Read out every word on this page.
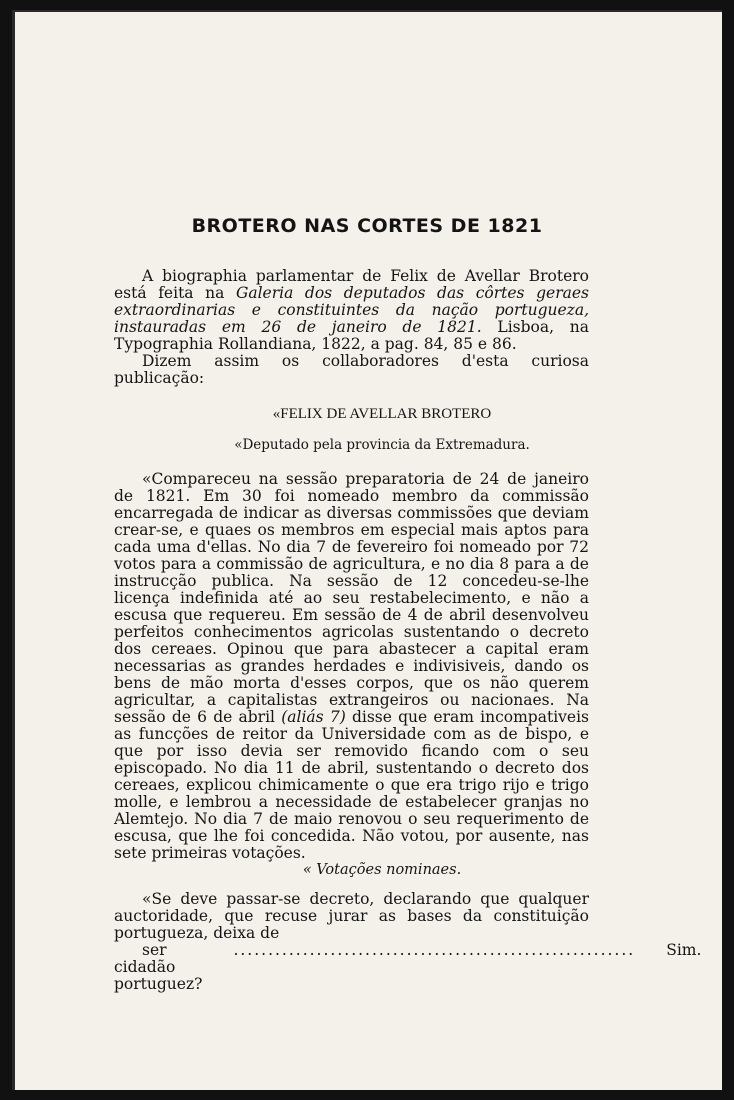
BROTERO NAS CORTES DE 1821

A biographia parlamentar de Felix de Avellar Brotero está feita na Galeria dos deputados das côrtes geraes extraordinarias e constituintes da nação portugueza, instauradas em 26 de janeiro de 1821. Lisboa, na Typographia Rollandiana, 1822, a pag. 84, 85 e 86.

Dizem assim os collaboradores d'esta curiosa publicação:

«FELIX DE AVELLAR BROTERO
«Deputado pela provincia da Extremadura.

«Compareceu na sessão preparatoria de 24 de janeiro de 1821. Em 30 foi nomeado membro da commissão encarregada de indicar as diversas commissões que deviam crear-se, e quaes os membros em especial mais aptos para cada uma d'ellas. No dia 7 de fevereiro foi nomeado por 72 votos para a commissão de agricultura, e no dia 8 para a de instrucção publica. Na sessão de 12 concedeu-se-lhe licença indefinida até ao seu restabelecimento, e não a escusa que requereu. Em sessão de 4 de abril desenvolveu perfeitos conhecimentos agricolas sustentando o decreto dos cereaes. Opinou que para abastecer a capital eram necessarias as grandes herdades e indivisiveis, dando os bens de mão morta d'esses corpos, que os não querem agricultar, a capitalistas extrangeiros ou nacionaes. Na sessão de 6 de abril (aliás 7) disse que eram incompativeis as funcções de reitor da Universidade com as de bispo, e que por isso devia ser removido ficando com o seu episcopado. No dia 11 de abril, sustentando o decreto dos cereaes, explicou chimicamente o que era trigo rijo e trigo molle, e lembrou a necessidade de estabelecer granjas no Alemtejo. No dia 7 de maio renovou o seu requerimento de escusa, que lhe foi concedida. Não votou, por ausente, nas sete primeiras votações.

« Votações nominaes.

«Se deve passar-se decreto, declarando que qualquer auctoridade, que recuse jurar as bases da constituição portugueza, deixa de

ser cidadão portuguez?
..........................................................	Sim.
